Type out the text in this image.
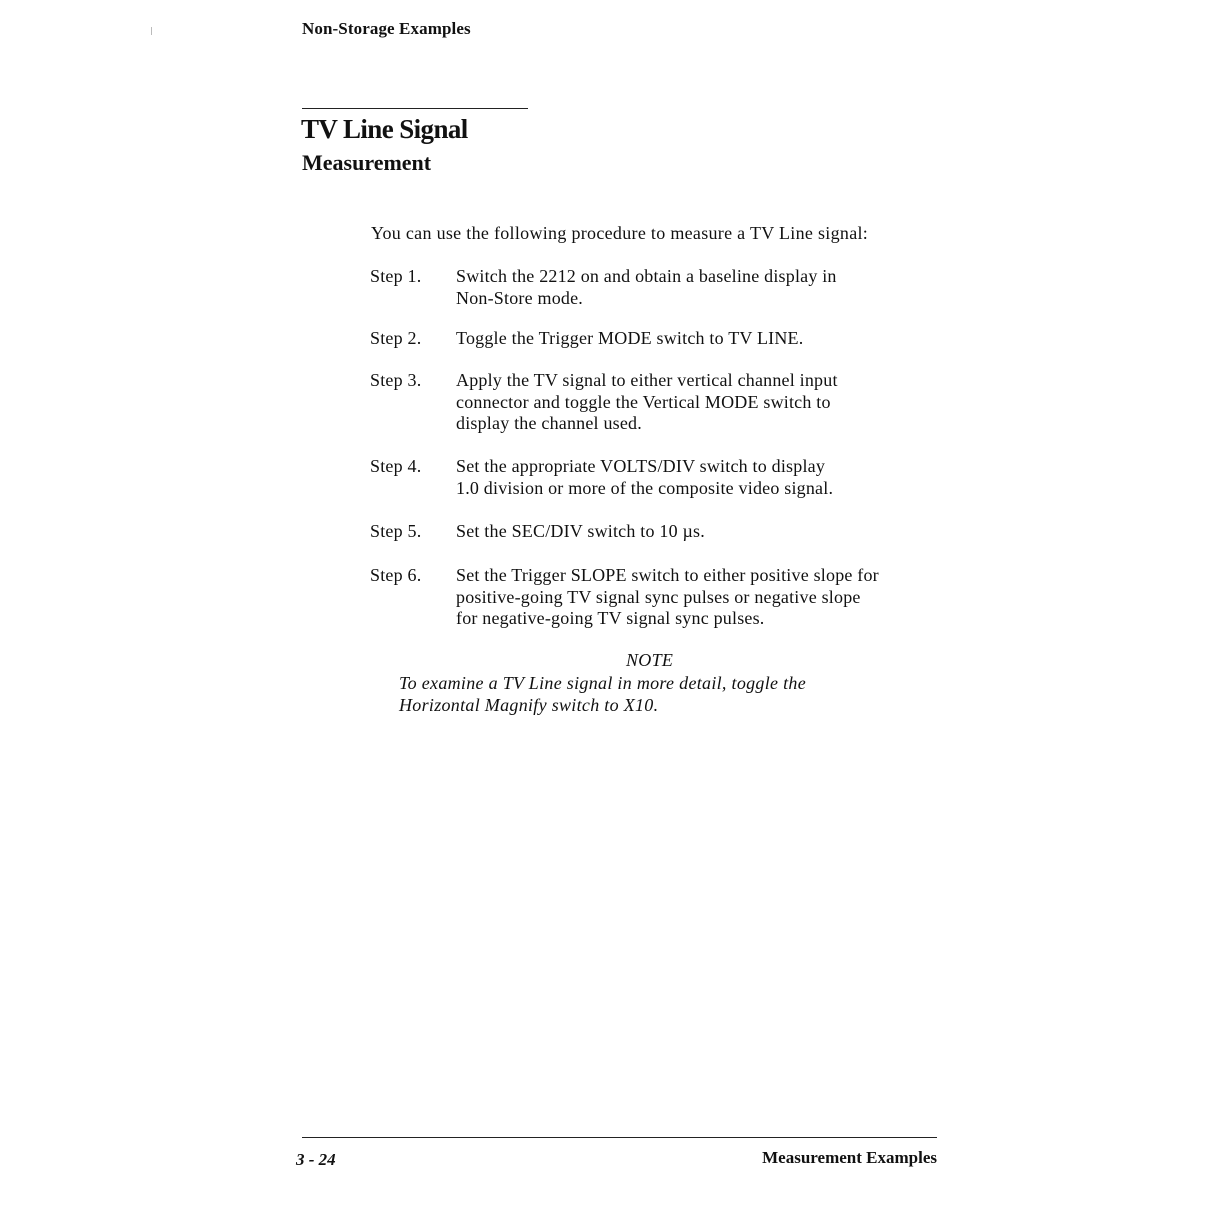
Non-Storage Examples
TV Line Signal
Measurement
You can use the following procedure to measure a TV Line signal:
Step 1. Switch the 2212 on and obtain a baseline display in
Non-Store mode.
Step 2. Toggle the Trigger MODE switch to TV LINE.
Step 3. Apply the TV signal to either vertical channel input
connector and toggle the Vertical MODE switch to
display the channel used.
Step 4. Set the appropriate VOLTS/DIV switch to display
1.0 division or more of the composite video signal.
Step 5. Set the SEC/DIV switch to 10 µs.
Step 6. Set the Trigger SLOPE switch to either positive slope for
positive-going TV signal sync pulses or negative slope
for negative-going TV signal sync pulses.
NOTE
To examine a TV Line signal in more detail, toggle the
Horizontal Magnify switch to X10.
3 - 24	Measurement Examples
